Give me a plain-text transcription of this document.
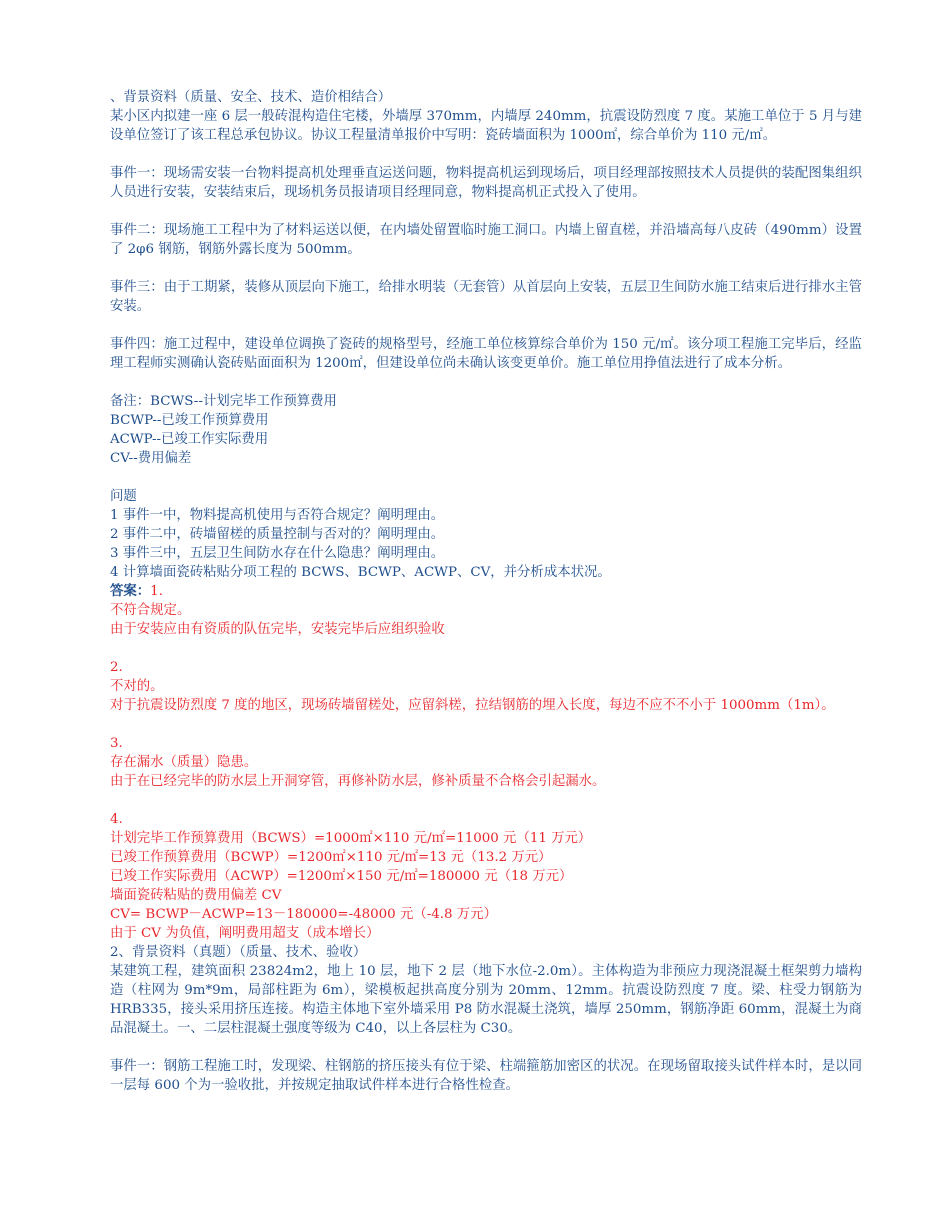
、背景资料（质量、安全、技术、造价相结合）

某小区内拟建一座 6 层一般砖混构造住宅楼，外墙厚 370mm，内墙厚 240mm，抗震设防烈度 7 度。某施工单位于 5 月与建设单位签订了该工程总承包协议。协议工程量清单报价中写明：瓷砖墙面积为 1000㎡，综合单价为 110 元/㎡。

事件一：现场需安装一台物料提高机处理垂直运送问题，物料提高机运到现场后，项目经理部按照技术人员提供的装配图集组织人员进行安装，安装结束后，现场机务员报请项目经理同意，物料提高机正式投入了使用。

事件二：现场施工工程中为了材料运送以便，在内墙处留置临时施工洞口。内墙上留直槎，并沿墙高每八皮砖（490mm）设置了 2φ6 钢筋，钢筋外露长度为 500mm。

事件三：由于工期紧，装修从顶层向下施工，给排水明装（无套管）从首层向上安装，五层卫生间防水施工结束后进行排水主管安装。

事件四：施工过程中，建设单位调换了瓷砖的规格型号，经施工单位核算综合单价为 150 元/㎡。该分项工程施工完毕后，经监理工程师实测确认瓷砖贴面面积为 1200㎡，但建设单位尚未确认该变更单价。施工单位用挣值法进行了成本分析。

备注：BCWS--计划完毕工作预算费用

BCWP--已竣工作预算费用

ACWP--已竣工作实际费用

CV--费用偏差

问题

1 事件一中，物料提高机使用与否符合规定？阐明理由。

2 事件二中，砖墙留槎的质量控制与否对的？阐明理由。

3 事件三中，五层卫生间防水存在什么隐患？阐明理由。

4 计算墙面瓷砖粘贴分项工程的 BCWS、BCWP、ACWP、CV，并分析成本状况。

答案：1.

不符合规定。

由于安装应由有资质的队伍完毕，安装完毕后应组织验收

2.

不对的。

对于抗震设防烈度 7 度的地区，现场砖墙留槎处，应留斜槎，拉结钢筋的埋入长度，每边不应不不小于 1000mm（1m）。

3.

存在漏水（质量）隐患。

由于在已经完毕的防水层上开洞穿管，再修补防水层，修补质量不合格会引起漏水。

4.

计划完毕工作预算费用（BCWS）=1000㎡×110 元/㎡=11000 元（11 万元）

已竣工作预算费用（BCWP）=1200㎡×110 元/㎡=13 元（13.2 万元）

已竣工作实际费用（ACWP）=1200㎡×150 元/㎡=180000 元（18 万元）

墙面瓷砖粘贴的费用偏差 CV

CV= BCWP－ACWP=13－180000=-48000 元（-4.8 万元）

由于 CV 为负值，阐明费用超支（成本增长）

2、背景资料（真题）（质量、技术、验收）

某建筑工程，建筑面积 23824m2，地上 10 层，地下 2 层（地下水位-2.0m）。主体构造为非预应力现浇混凝土框架剪力墙构造（柱网为 9m*9m，局部柱距为 6m），梁模板起拱高度分别为 20mm、12mm。抗震设防烈度 7 度。梁、柱受力钢筋为 HRB335，接头采用挤压连接。构造主体地下室外墙采用 P8 防水混凝土浇筑，墙厚 250mm，钢筋净距 60mm，混凝土为商品混凝土。一、二层柱混凝土强度等级为 C40，以上各层柱为 C30。

事件一：钢筋工程施工时，发现梁、柱钢筋的挤压接头有位于梁、柱端箍筋加密区的状况。在现场留取接头试件样本时，是以同一层每 600 个为一验收批，并按规定抽取试件样本进行合格性检查。
